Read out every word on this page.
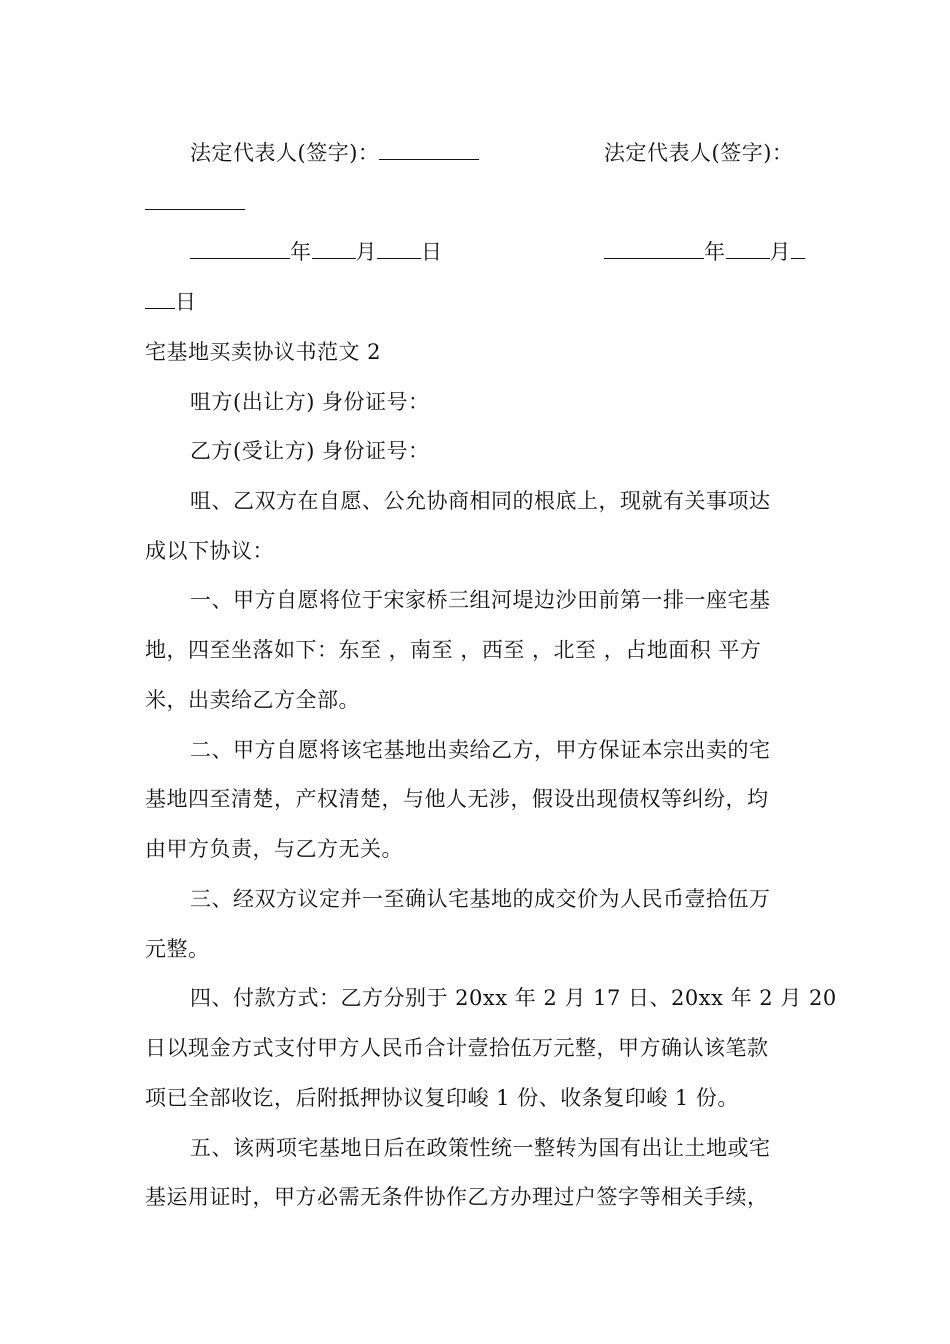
法定代表人(签字)：	法定代表人(签字)：
年 月 日	年 月
日
宅基地买卖协议书范文 2
咀方(出让方) 身份证号：
乙方(受让方) 身份证号：
咀、乙双方在自愿、公允协商相同的根底上，现就有关事项达
成以下协议：
一、甲方自愿将位于宋家桥三组河堤边沙田前第一排一座宅基
地，四至坐落如下：东至 ，南至 ，西至 ，北至 ，占地面积 平方
米，出卖给乙方全部。
二、甲方自愿将该宅基地出卖给乙方，甲方保证本宗出卖的宅
基地四至清楚，产权清楚，与他人无涉，假设出现债权等纠纷，均
由甲方负责，与乙方无关。
三、经双方议定并一至确认宅基地的成交价为人民币壹拾伍万
元整。
四、付款方式：乙方分别于 20xx 年 2 月 17 日、20xx 年 2 月 20
日以现金方式支付甲方人民币合计壹拾伍万元整，甲方确认该笔款
项已全部收讫，后附抵押协议复印峻 1 份、收条复印峻 1 份。
五、该两项宅基地日后在政策性统一整转为国有出让土地或宅
基运用证时，甲方必需无条件协作乙方办理过户签字等相关手续，
